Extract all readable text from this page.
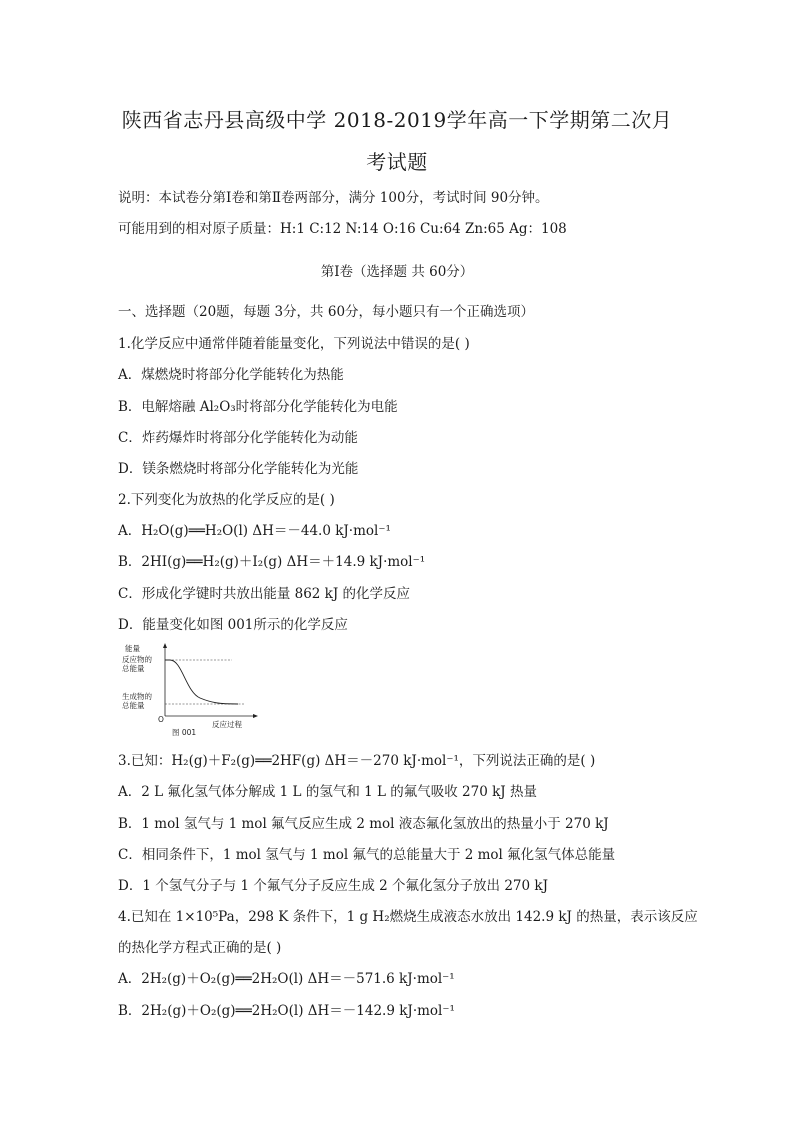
陕西省志丹县高级中学 2018-2019学年高一下学期第二次月
考试题
说明：本试卷分第Ⅰ卷和第Ⅱ卷两部分，满分 100分，考试时间 90分钟。
可能用到的相对原子质量：H:1 C:12 N:14 O:16 Cu:64 Zn:65 Ag：108
第Ⅰ卷（选择题 共 60分）
一、选择题（20题，每题 3分，共 60分，每小题只有一个正确选项）
1.化学反应中通常伴随着能量变化，下列说法中错误的是( )
A．煤燃烧时将部分化学能转化为热能
B．电解熔融 Al₂O₃时将部分化学能转化为电能
C．炸药爆炸时将部分化学能转化为动能
D．镁条燃烧时将部分化学能转化为光能
2.下列变化为放热的化学反应的是( )
A．H₂O(g)══H₂O(l) ΔH＝－44.0 kJ·mol⁻¹
B．2HI(g)══H₂(g)＋I₂(g) ΔH＝＋14.9 kJ·mol⁻¹
C．形成化学键时共放出能量 862 kJ 的化学反应
D．能量变化如图 001所示的化学反应
能量
反应物的
总能量
生成物的
总能量
O
反应过程
图 001
3.已知：H₂(g)＋F₂(g)══2HF(g) ΔH＝－270 kJ·mol⁻¹，下列说法正确的是( )
A．2 L 氟化氢气体分解成 1 L 的氢气和 1 L 的氟气吸收 270 kJ 热量
B．1 mol 氢气与 1 mol 氟气反应生成 2 mol 液态氟化氢放出的热量小于 270 kJ
C．相同条件下，1 mol 氢气与 1 mol 氟气的总能量大于 2 mol 氟化氢气体总能量
D．1 个氢气分子与 1 个氟气分子反应生成 2 个氟化氢分子放出 270 kJ
4.已知在 1×10⁵Pa，298 K 条件下，1 g H₂燃烧生成液态水放出 142.9 kJ 的热量，表示该反应
的热化学方程式正确的是( )
A．2H₂(g)＋O₂(g)══2H₂O(l) ΔH＝－571.6 kJ·mol⁻¹
B．2H₂(g)＋O₂(g)══2H₂O(l) ΔH＝－142.9 kJ·mol⁻¹
